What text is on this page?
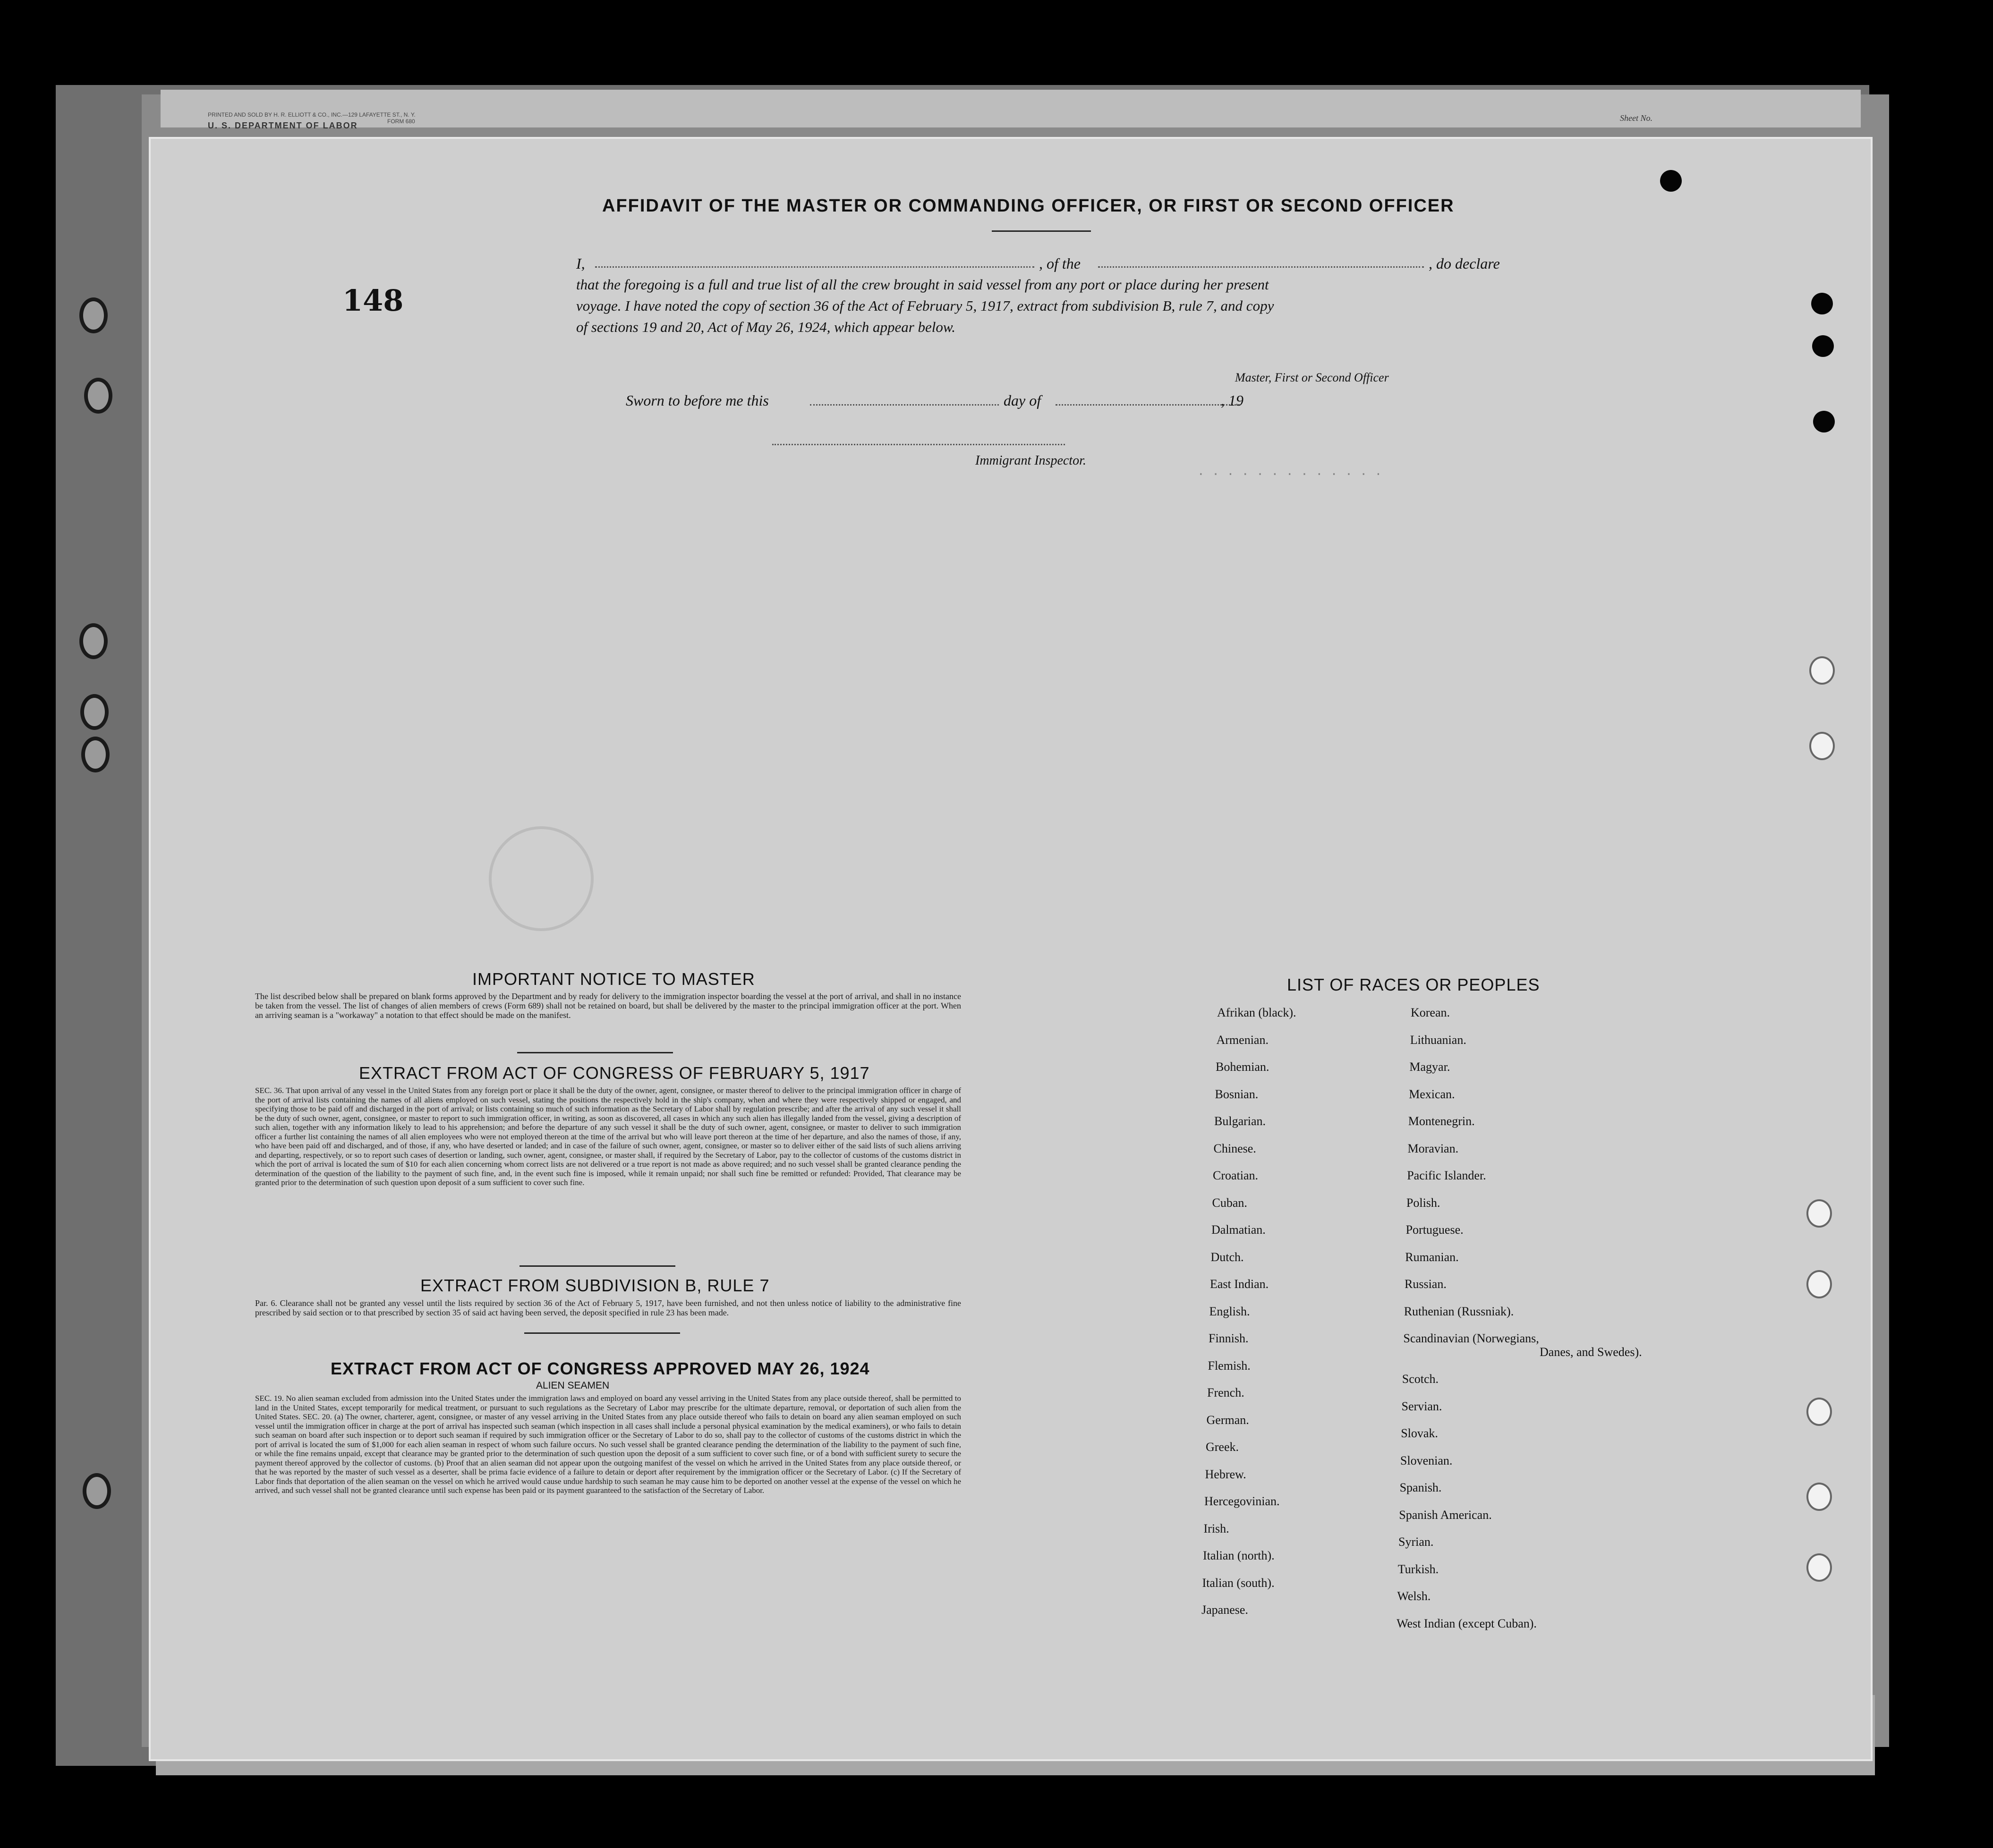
PRINTED AND SOLD BY H. R. ELLIOTT & CO., INC.—129 LAFAYETTE ST., N. Y.
FORM 680
U. S. DEPARTMENT OF LABOR
Sheet No.
· · · · · · · · · · · · ·
148
AFFIDAVIT OF THE MASTER OR COMMANDING OFFICER, OR FIRST OR SECOND OFFICER
I,	, of the	, do declare
that the foregoing is a full and true list of all the crew brought in said vessel from any port or place during her present
voyage. I have noted the copy of section 36 of the Act of February 5, 1917, extract from subdivision B, rule 7, and copy
of sections 19 and 20, Act of May 26, 1924, which appear below.
Master, First or Second Officer
Sworn to before me this	day of	, 19
Immigrant Inspector.
IMPORTANT NOTICE TO MASTER
The list described below shall be prepared on blank forms approved by the Department and by ready for delivery to the immigration inspector boarding the vessel at the port of arrival, and shall in no instance be taken from the vessel. The list of changes of alien members of crews (Form 689) shall not be retained on board, but shall be delivered by the master to the principal immigration officer at the port. When an arriving seaman is a "workaway" a notation to that effect should be made on the manifest.
EXTRACT FROM ACT OF CONGRESS OF FEBRUARY 5, 1917
SEC. 36. That upon arrival of any vessel in the United States from any foreign port or place it shall be the duty of the owner, agent, consignee, or master thereof to deliver to the principal immigration officer in charge of the port of arrival lists containing the names of all aliens employed on such vessel, stating the positions the respectively hold in the ship's company, when and where they were respectively shipped or engaged, and specifying those to be paid off and discharged in the port of arrival; or lists containing so much of such information as the Secretary of Labor shall by regulation prescribe; and after the arrival of any such vessel it shall be the duty of such owner, agent, consignee, or master to report to such immigration officer, in writing, as soon as discovered, all cases in which any such alien has illegally landed from the vessel, giving a description of such alien, together with any information likely to lead to his apprehension; and before the departure of any such vessel it shall be the duty of such owner, agent, consignee, or master to deliver to such immigration officer a further list containing the names of all alien employees who were not employed thereon at the time of the arrival but who will leave port thereon at the time of her departure, and also the names of those, if any, who have been paid off and discharged, and of those, if any, who have deserted or landed; and in case of the failure of such owner, agent, consignee, or master so to deliver either of the said lists of such aliens arriving and departing, respectively, or so to report such cases of desertion or landing, such owner, agent, consignee, or master shall, if required by the Secretary of Labor, pay to the collector of customs of the customs district in which the port of arrival is located the sum of $10 for each alien concerning whom correct lists are not delivered or a true report is not made as above required; and no such vessel shall be granted clearance pending the determination of the question of the liability to the payment of such fine, and, in the event such fine is imposed, while it remain unpaid; nor shall such fine be remitted or refunded: Provided, That clearance may be granted prior to the determination of such question upon deposit of a sum sufficient to cover such fine.
EXTRACT FROM SUBDIVISION B, RULE 7
Par. 6. Clearance shall not be granted any vessel until the lists required by section 36 of the Act of February 5, 1917, have been furnished, and not then unless notice of liability to the administrative fine prescribed by said section or to that prescribed by section 35 of said act having been served, the deposit specified in rule 23 has been made.
EXTRACT FROM ACT OF CONGRESS APPROVED MAY 26, 1924
ALIEN SEAMEN
SEC. 19. No alien seaman excluded from admission into the United States under the immigration laws and employed on board any vessel arriving in the United States from any place outside thereof, shall be permitted to land in the United States, except temporarily for medical treatment, or pursuant to such regulations as the Secretary of Labor may prescribe for the ultimate departure, removal, or deportation of such alien from the United States. SEC. 20. (a) The owner, charterer, agent, consignee, or master of any vessel arriving in the United States from any place outside thereof who fails to detain on board any alien seaman employed on such vessel until the immigration officer in charge at the port of arrival has inspected such seaman (which inspection in all cases shall include a personal physical examination by the medical examiners), or who fails to detain such seaman on board after such inspection or to deport such seaman if required by such immigration officer or the Secretary of Labor to do so, shall pay to the collector of customs of the customs district in which the port of arrival is located the sum of $1,000 for each alien seaman in respect of whom such failure occurs. No such vessel shall be granted clearance pending the determination of the liability to the payment of such fine, or while the fine remains unpaid, except that clearance may be granted prior to the determination of such question upon the deposit of a sum sufficient to cover such fine, or of a bond with sufficient surety to secure the payment thereof approved by the collector of customs. (b) Proof that an alien seaman did not appear upon the outgoing manifest of the vessel on which he arrived in the United States from any place outside thereof, or that he was reported by the master of such vessel as a deserter, shall be prima facie evidence of a failure to detain or deport after requirement by the immigration officer or the Secretary of Labor. (c) If the Secretary of Labor finds that deportation of the alien seaman on the vessel on which he arrived would cause undue hardship to such seaman he may cause him to be deported on another vessel at the expense of the vessel on which he arrived, and such vessel shall not be granted clearance until such expense has been paid or its payment guaranteed to the satisfaction of the Secretary of Labor.
LIST OF RACES OR PEOPLES
Afrikan (black).
Armenian.
Bohemian.
Bosnian.
Bulgarian.
Chinese.
Croatian.
Cuban.
Dalmatian.
Dutch.
East Indian.
English.
Finnish.
Flemish.
French.
German.
Greek.
Hebrew.
Hercegovinian.
Irish.
Italian (north).
Italian (south).
Japanese.
Korean.
Lithuanian.
Magyar.
Mexican.
Montenegrin.
Moravian.
Pacific Islander.
Polish.
Portuguese.
Rumanian.
Russian.
Ruthenian (Russniak).
Scandinavian (Norwegians,
Danes, and Swedes).
Scotch.
Servian.
Slovak.
Slovenian.
Spanish.
Spanish American.
Syrian.
Turkish.
Welsh.
West Indian (except Cuban).
